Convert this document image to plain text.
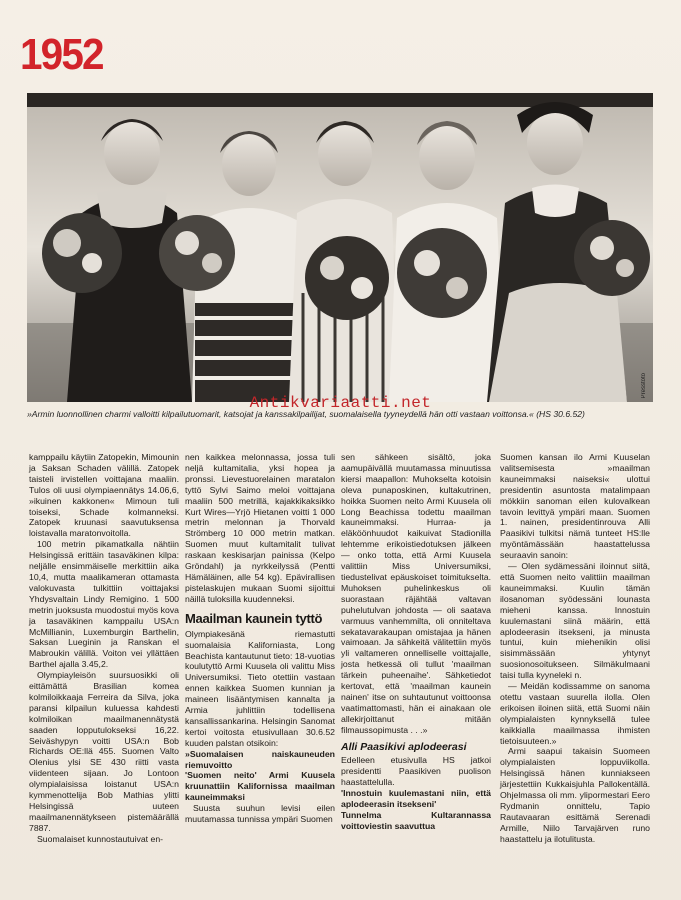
1952
Presstoto
Antikvariaatti.net
»Armin luonnollinen charmi valloitti kilpailutuomarit, katsojat ja kanssakilpailijat, suomalaisella tyyneydellä hän otti vastaan voittonsa.« (HS 30.6.52)

kamppailu käytiin Zatopekin, Mimounin ja Saksan Schaden välillä. Zatopek taisteli irvistellen voittajana maaliin. Tulos oli uusi olympiaennätys 14.06,6, »ikuinen kakkonen« Mimoun tuli toiseksi, Schade kolmanneksi. Zatopek kruunasi saavutuksensa loistavalla maratonvoitolla.

100 metrin pikamatkalla nähtiin Helsingissä erittäin tasaväkinen kilpa: neljälle ensimmäiselle merkittiin aika 10,4, mutta maalikameran ottamasta valokuvasta tulkittiin voittajaksi Yhdysvaltain Lindy Remigino. 1 500 metrin juoksusta muodostui myös kova ja tasaväkinen kamppailu USA:n McMillianin, Luxemburgin Barthelin, Saksan Lueginin ja Ranskan el Mabroukin välillä. Voiton vei yllättäen Barthel ajalla 3.45,2.

Olympiayleisön suursuosikki oli eittämättä Brasilian komea kolmiloikkaaja Ferreira da Silva, joka paransi kilpailun kuluessa kahdesti kolmiloikan maailmanennätystä saaden lopputulokseksi 16,22. Seiväshypyn voitti USA:n Bob Richards OE:llä 455. Suomen Valto Olenius ylsi SE 430 riitti vasta viidenteen sijaan. Jo Lontoon olympialaisissa loistanut USA:n kymmenottelija Bob Mathias ylitti Helsingissä uuteen maailmanennätykseen pistemäärällä 7887.

Suomalaiset kunnostautuivat en-

nen kaikkea melonnassa, jossa tuli neljä kultamitalia, yksi hopea ja pronssi. Lievestuorelainen maratalon tyttö Sylvi Saimo meloi voittajana maaliin 500 metrillä, kajakkikaksikko Kurt Wires—Yrjö Hietanen voitti 1 000 metrin melonnan ja Thorvald Strömberg 10 000 metrin matkan. Suomen muut kultamitalit tulivat raskaan keskisarjan painissa (Kelpo Gröndahl) ja nyrkkeilyssä (Pentti Hämäläinen, alle 54 kg). Epävirallisen pistelaskujen mukaan Suomi sijoittui näillä tuloksilla kuudenneksi.

Maailman kaunein tyttö

Olympiakesänä riemastutti suomalaisia Kaliforniasta, Long Beachista kantautunut tieto: 18-vuotias koulutyttö Armi Kuusela oli valittu Miss Universumiksi. Tieto otettiin vastaan ennen kaikkea Suomen kunnian ja maineen lisääntymisen kannalta ja Armia juhlittiin todellisena kansallissankarina. Helsingin Sanomat kertoi voitosta etusivullaan 30.6.52 kuuden palstan otsikoin:

»Suomalaisen naiskauneuden riemuvoitto

'Suomen neito' Armi Kuusela kruunattiin Kalifornissa maailman kauneimmaksi

Suusta suuhun levisi eilen muutamassa tunnissa ympäri Suomen

sen sähkeen sisältö, joka aamupäivällä muutamassa minuutissa kiersi maapallon: Muhokselta kotoisin oleva punaposkinen, kultakutrinen, hoikka Suomen neito Armi Kuusela oli Long Beachissa todettu maailman kauneimmaksi. Hurraa- ja eläköönhuudot kaikuivat Stadionilla lehtemme erikoistiedotuksen jälkeen — onko totta, että Armi Kuusela valittiin Miss Universumiksi, tiedustelivat epäuskoiset toimitukselta. Muhoksen puhelinkeskus oli suorastaan räjähtää valtavan puhelutulvan johdosta — oli saatava varmuus vanhemmilta, oli onniteltava sekatavarakaupan omistajaa ja hänen vaimoaan. Ja sähkeitä välitettiin myös yli valtameren onnelliselle voittajalle, josta hetkessä oli tullut 'maailman tärkein puheenaihe'. Sähketiedot kertovat, että 'maailman kaunein nainen' itse on suhtautunut voittoonsa vaatimattomasti, hän ei ainakaan ole allekirjoittanut mitään filmaussopimusta . . .»

Alli Paasikivi aplodeerasi

Edelleen etusivulla HS jatkoi presidentti Paasikiven puolison haastattelulla.

'Innostuin kuulemastani niin, että aplodeerasin itsekseni'

Tunnelma Kultarannassa voittoviestin saavuttua

Suomen kansan ilo Armi Kuuselan valitsemisesta »maailman kauneimmaksi naiseksi« ulottui presidentin asuntosta matalimpaan mökkiin sanoman eilen kulovalkean tavoin levittyä ympäri maan. Suomen 1. nainen, presidentinrouva Alli Paasikivi tulkitsi nämä tunteet HS:lle myöntämässään haastattelussa seuraavin sanoin:

— Olen sydämessäni iloinnut siitä, että Suomen neito valittiin maailman kauneimmaksi. Kuulin tämän ilosanoman syödessäni lounasta mieheni kanssa. Innostuin kuulemastani siinä määrin, että aplodeerasin itsekseni, ja minusta tuntui, kuin miehenikin olisi sisimmässään yhtynyt suosionosoitukseen. Silmäkulmaani taisi tulla kyyneleki n.

— Meidän kodissamme on sanoma otettu vastaan suurella ilolla. Olen erikoisen iloinen siitä, että Suomi näin olympialaisten kynnyksellä tulee kaikkialla maailmassa ihmisten tietoisuuteen.»

Armi saapui takaisin Suomeen olympialaisten loppuviikolla. Helsingissä hänen kunniakseen järjestettiin Kukkaisjuhla Pallokentällä. Ohjelmassa oli mm. ylipormestari Eero Rydmanin onnittelu, Tapio Rautavaaran esittämä Serenadi Armille, Niilo Tarvajärven runo haastattelu ja ilotulitusta.
